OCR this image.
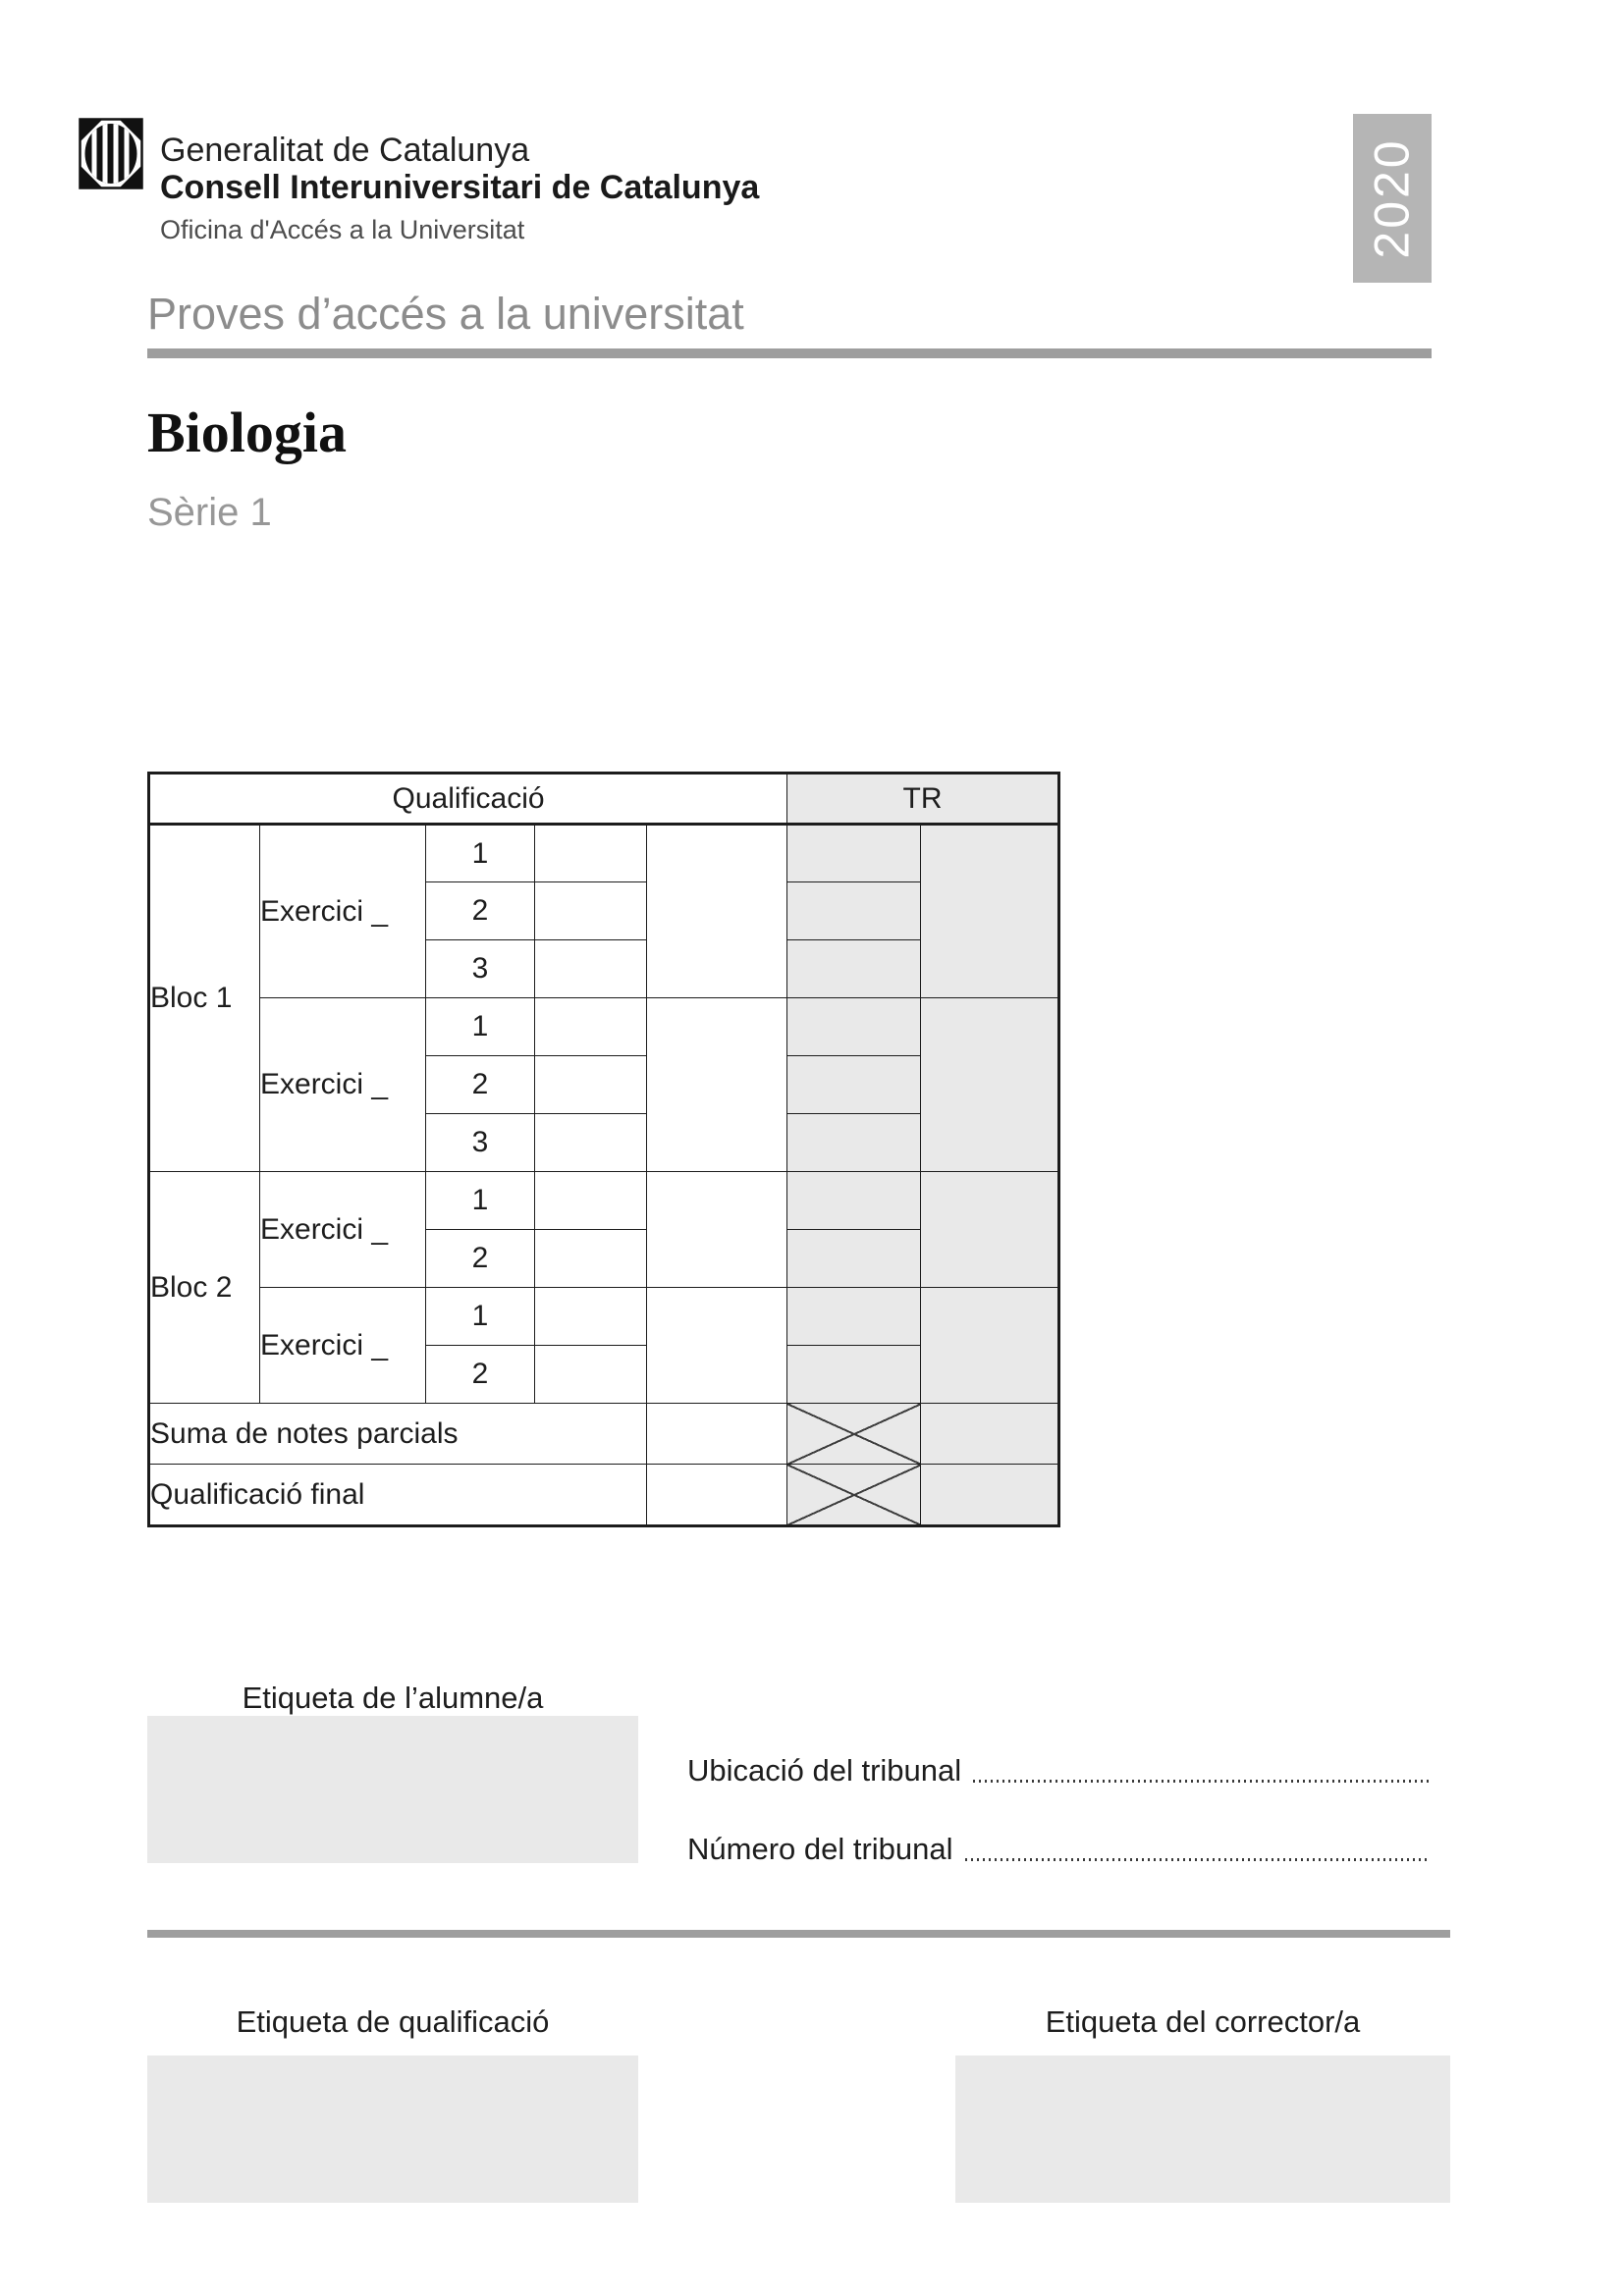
Generalitat de Catalunya
Consell Interuniversitari de Catalunya
Oficina d'Accés a la Universitat	2020
Proves d’accés a la universitat
Biologia
Sèrie 1
Qualificació					TR	
Bloc 1	Exercici _	1				
		2				
		3				
	Exercici _	1				
		2				
		3				
Bloc 2	Exercici _	1				
		2				
	Exercici _	1				
		2				
Suma de notes parcials						
Qualificació final						
Etiqueta de l’alumne/a
Ubicació del tribunal
Número del tribunal
Etiqueta de qualificació	Etiqueta del corrector/a
